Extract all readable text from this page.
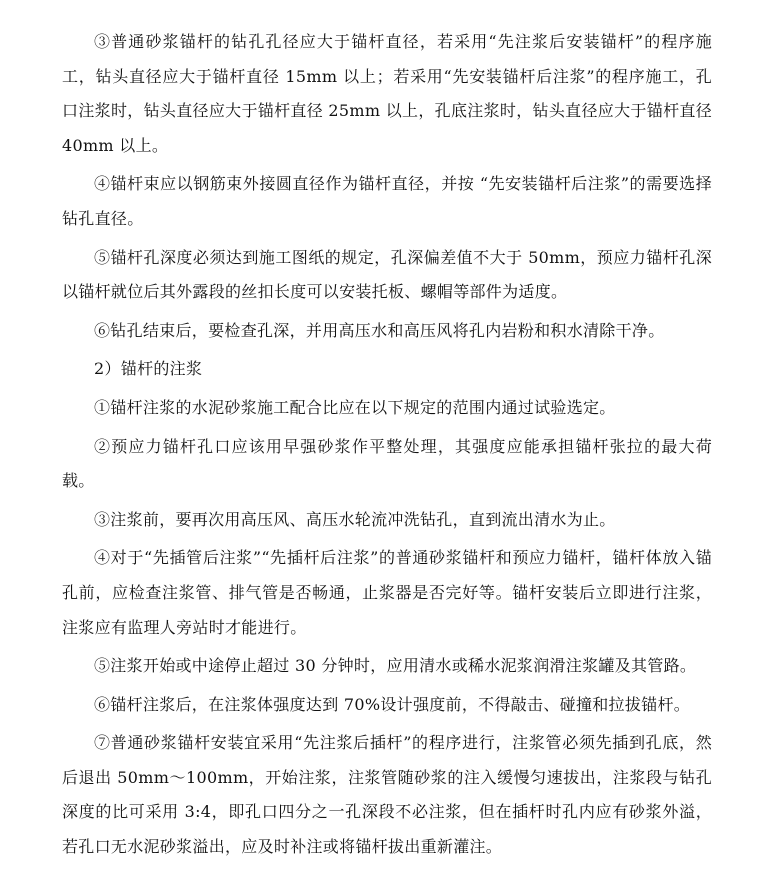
③普通砂浆锚杆的钻孔孔径应大于锚杆直径，若采用“先注浆后安装锚杆”的程序施工，钻头直径应大于锚杆直径 15mm 以上；若采用“先安装锚杆后注浆”的程序施工，孔口注浆时，钻头直径应大于锚杆直径 25mm 以上，孔底注浆时，钻头直径应大于锚杆直径 40mm 以上。

④锚杆束应以钢筋束外接圆直径作为锚杆直径，并按 “先安装锚杆后注浆”的需要选择钻孔直径。

⑤锚杆孔深度必须达到施工图纸的规定，孔深偏差值不大于 50mm，预应力锚杆孔深以锚杆就位后其外露段的丝扣长度可以安装托板、螺帽等部件为适度。

⑥钻孔结束后，要检查孔深，并用高压水和高压风将孔内岩粉和积水清除干净。

2）锚杆的注浆

①锚杆注浆的水泥砂浆施工配合比应在以下规定的范围内通过试验选定。

②预应力锚杆孔口应该用早强砂浆作平整处理，其强度应能承担锚杆张拉的最大荷载。

③注浆前，要再次用高压风、高压水轮流冲洗钻孔，直到流出清水为止。

④对于“先插管后注浆”“先插杆后注浆”的普通砂浆锚杆和预应力锚杆，锚杆体放入锚孔前，应检查注浆管、排气管是否畅通，止浆器是否完好等。锚杆安装后立即进行注浆，注浆应有监理人旁站时才能进行。

⑤注浆开始或中途停止超过 30 分钟时，应用清水或稀水泥浆润滑注浆罐及其管路。

⑥锚杆注浆后，在注浆体强度达到 70%设计强度前，不得敲击、碰撞和拉拔锚杆。

⑦普通砂浆锚杆安装宜采用“先注浆后插杆”的程序进行，注浆管必须先插到孔底，然后退出 50mm～100mm，开始注浆，注浆管随砂浆的注入缓慢匀速拔出，注浆段与钻孔深度的比可采用 3:4，即孔口四分之一孔深段不必注浆，但在插杆时孔内应有砂浆外溢，若孔口无水泥砂浆溢出，应及时补注或将锚杆拔出重新灌注。
